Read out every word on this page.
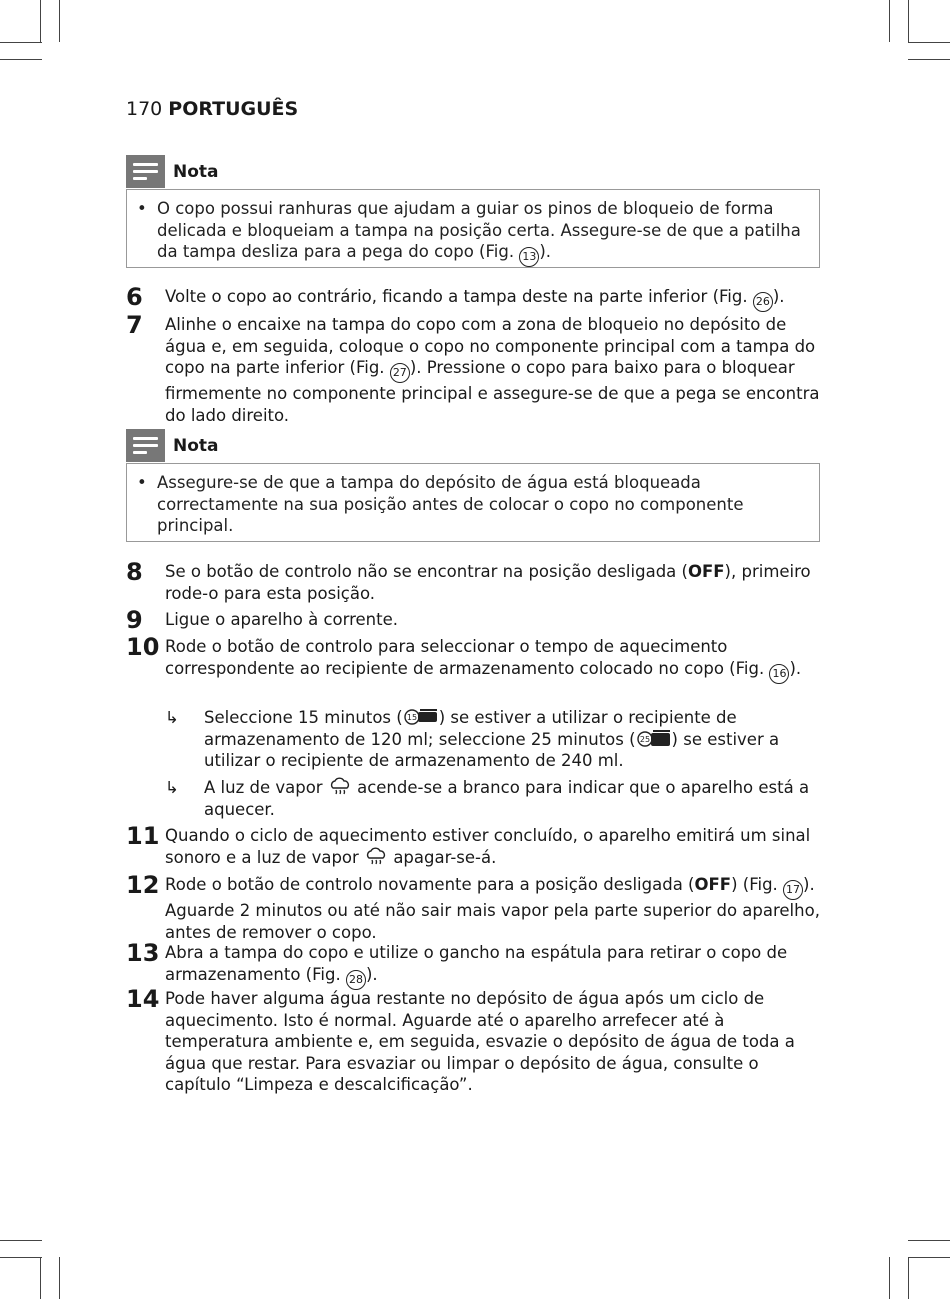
170 PORTUGUÊS
Nota
• O copo possui ranhuras que ajudam a guiar os pinos de bloqueio de forma delicada e bloqueiam a tampa na posição certa. Assegure-se de que a patilha da tampa desliza para a pega do copo (Fig. 13 ).
6 Volte o copo ao contrário, ficando a tampa deste na parte inferior (Fig. 26 ).
7 Alinhe o encaixe na tampa do copo com a zona de bloqueio no depósito de água e, em seguida, coloque o copo no componente principal com a tampa do copo na parte inferior (Fig. 27 ). Pressione o copo para baixo para o bloquear firmemente no componente principal e assegure-se de que a pega se encontra do lado direito.
Nota
• Assegure-se de que a tampa do depósito de água está bloqueada correctamente na sua posição antes de colocar o copo no componente principal.
8 Se o botão de controlo não se encontrar na posição desligada (OFF), primeiro rode-o para esta posição.
9 Ligue o aparelho à corrente.
10 Rode o botão de controlo para seleccionar o tempo de aquecimento correspondente ao recipiente de armazenamento colocado no copo (Fig. 16 ).
↳ Seleccione 15 minutos ( 15 ) se estiver a utilizar o recipiente de armazenamento de 120 ml; seleccione 25 minutos ( 25 ) se estiver a utilizar o recipiente de armazenamento de 240 ml.
↳ A luz de vapor acende-se a branco para indicar que o aparelho está a aquecer.
11 Quando o ciclo de aquecimento estiver concluído, o aparelho emitirá um sinal sonoro e a luz de vapor apagar-se-á.
12 Rode o botão de controlo novamente para a posição desligada (OFF) (Fig. 17 ). Aguarde 2 minutos ou até não sair mais vapor pela parte superior do aparelho, antes de remover o copo.
13 Abra a tampa do copo e utilize o gancho na espátula para retirar o copo de armazenamento (Fig. 28 ).
14 Pode haver alguma água restante no depósito de água após um ciclo de aquecimento. Isto é normal. Aguarde até o aparelho arrefecer até à temperatura ambiente e, em seguida, esvazie o depósito de água de toda a água que restar. Para esvaziar ou limpar o depósito de água, consulte o capítulo “Limpeza e descalcificação”.
